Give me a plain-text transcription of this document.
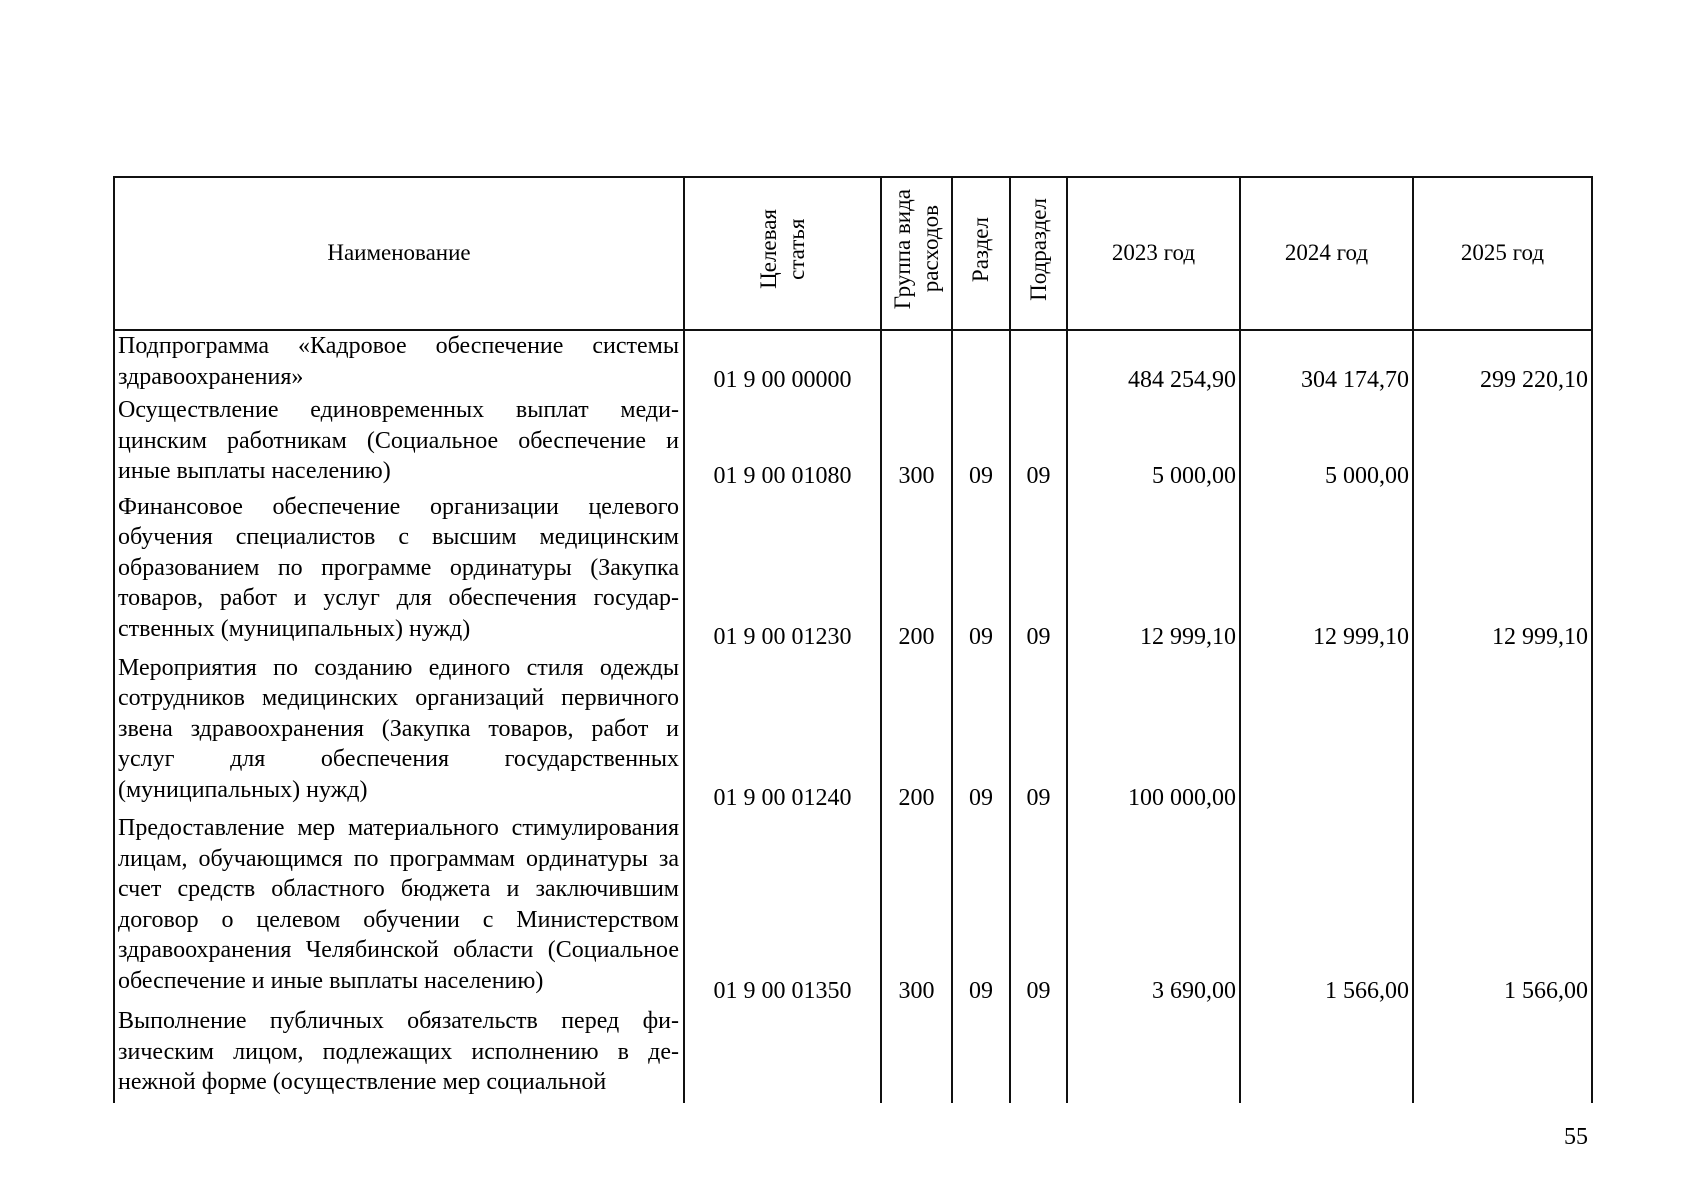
Наименование	Целевая статья	Группа вида расходов	Раздел	Подраздел	2023 год	2024 год	2025 год
Подпрограмма «Кадровое обеспечение системы здравоохранения»	01 9 00 00000				484 254,90	304 174,70	299 220,10
Осуществление единовременных выплат медицинским работникам (Социальное обеспечение и иные выплаты населению)	01 9 00 01080	300	09	09	5 000,00	5 000,00	
Финансовое обеспечение организации целевого обучения специалистов с высшим медицинским образованием по программе ординатуры (Закупка товаров, работ и услуг для обеспечения государственных (муниципальных) нужд)	01 9 00 01230	200	09	09	12 999,10	12 999,10	12 999,10
Мероприятия по созданию единого стиля одежды сотрудников медицинских организаций первичного звена здравоохранения (Закупка товаров, работ и услуг для обеспечения государственных (муниципальных) нужд)	01 9 00 01240	200	09	09	100 000,00		
Предоставление мер материального стимулирования лицам, обучающимся по программам ординатуры за счет средств областного бюджета и заключившим договор о целевом обучении с Министерством здравоохранения Челябинской области (Социальное обеспечение и иные выплаты населению)	01 9 00 01350	300	09	09	3 690,00	1 566,00	1 566,00
Выполнение публичных обязательств перед физическим лицом, подлежащих исполнению в денежной форме (осуществление мер социальной							
55
